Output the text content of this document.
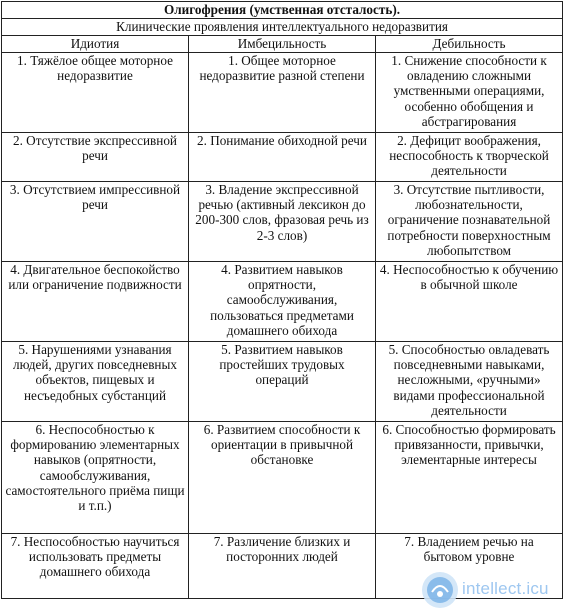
Олигофрения (умственная отсталость).		
Клинические проявления интеллектуального недоразвития		
Идиотия	Имбецильность	Дебильность
1. Тяжёлое общее моторное недоразвитие	1. Общее моторное недоразвитие разной степени	1. Снижение способности к овладению сложными умственными операциями, особенно обобщения и абстрагирования
2. Отсутствие экспрессивной речи	2. Понимание обиходной речи	2. Дефицит воображения, неспособность к творческой деятельности
3. Отсутствием импрессивной речи	3. Владение экспрессивной речью (активный лексикон до 200-300 слов, фразовая речь из 2-3 слов)	3. Отсутствие пытливости, любознательности, ограничение познавательной потребности поверхностным любопытством
4. Двигательное беспокойство или ограничение подвижности	4. Развитием навыков опрятности, самообслуживания, пользоваться предметами домашнего обихода	4. Неспособностью к обучению в обычной школе
5. Нарушениями узнавания людей, других повседневных объектов, пищевых и несъедобных субстанций	5. Развитием навыков простейших трудовых операций	5. Способностью овладевать повседневными навыками, несложными, «ручными» видами профессиональной деятельности
6. Неспособностью к формированию элементарных навыков (опрятности, самообслуживания, самостоятельного приёма пищи и т.п.)	6. Развитием способности к ориентации в привычной обстановке	6. Способностью формировать привязанности, привычки, элементарные интересы
7. Неспособностью научиться использовать предметы домашнего обихода	7. Различение близких и посторонних людей	7. Владением речью на бытовом уровне
intellect.icu
